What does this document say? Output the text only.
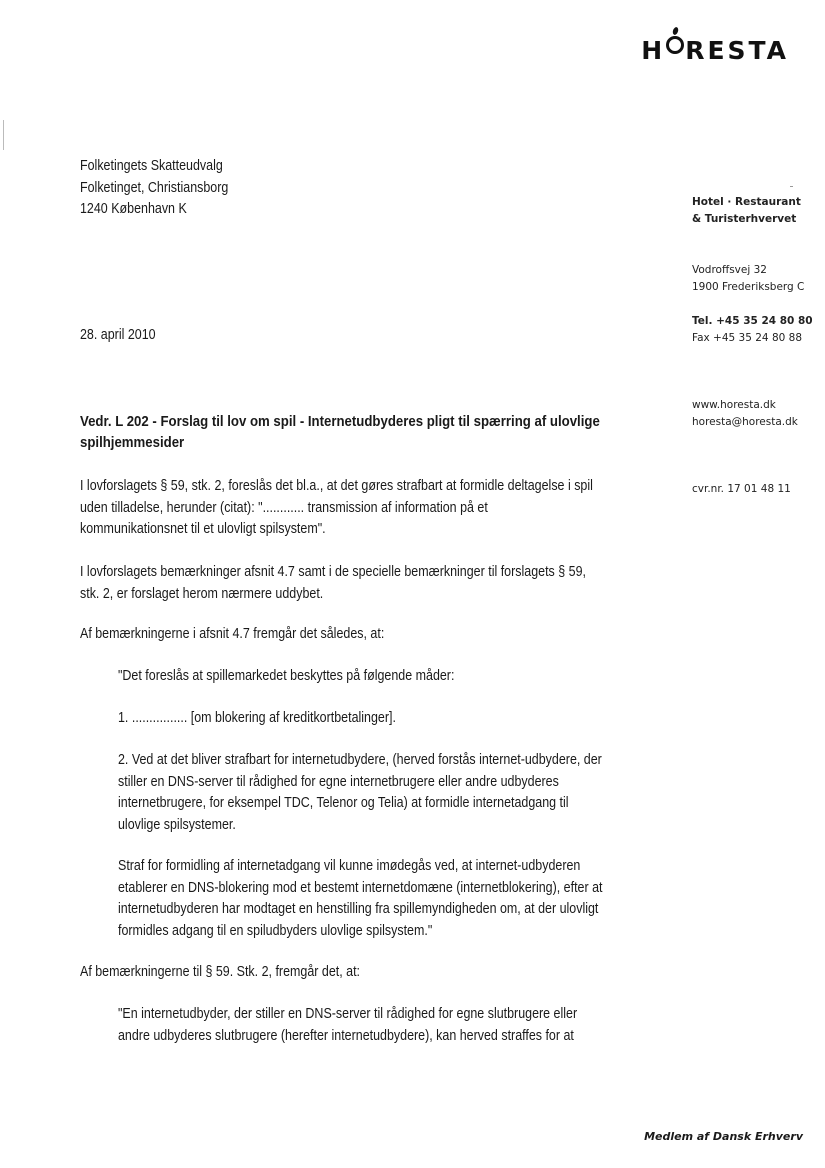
H RESTA
Folketingets Skatteudvalg
Folketinget, Christiansborg
1240 København K
28. april 2010
Hotel · Restaurant
& Turisterhvervet
Vodroffsvej 32
1900 Frederiksberg C
Tel. +45 35 24 80 80
Fax +45 35 24 80 88
www.horesta.dk
horesta@horesta.dk
cvr.nr. 17 01 48 11
Vedr. L 202 - Forslag til lov om spil - Internetudbyderes pligt til spærring af ulovlige spilhjemmesider
I lovforslagets § 59, stk. 2, foreslås det bl.a., at det gøres strafbart at formidle deltagelse i spil
uden tilladelse, herunder (citat): "............ transmission af information på et
kommunikationsnet til et ulovligt spilsystem".
I lovforslagets bemærkninger afsnit 4.7 samt i de specielle bemærkninger til forslagets § 59,
stk. 2, er forslaget herom nærmere uddybet.
Af bemærkningerne i afsnit 4.7 fremgår det således, at:
"Det foreslås at spillemarkedet beskyttes på følgende måder:
1. ................ [om blokering af kreditkortbetalinger].
2. Ved at det bliver strafbart for internetudbydere, (herved forstås internet-udbydere, der
stiller en DNS-server til rådighed for egne internetbrugere eller andre udbyderes
internetbrugere, for eksempel TDC, Telenor og Telia) at formidle internetadgang til
ulovlige spilsystemer.
Straf for formidling af internetadgang vil kunne imødegås ved, at internet-udbyderen
etablerer en DNS-blokering mod et bestemt internetdomæne (internetblokering), efter at
internetudbyderen har modtaget en henstilling fra spillemyndigheden om, at der ulovligt
formidles adgang til en spiludbyders ulovlige spilsystem."
Af bemærkningerne til § 59. Stk. 2, fremgår det, at:
"En internetudbyder, der stiller en DNS-server til rådighed for egne slutbrugere eller
andre udbyderes slutbrugere (herefter internetudbydere), kan herved straffes for at
Medlem af Dansk Erhverv
